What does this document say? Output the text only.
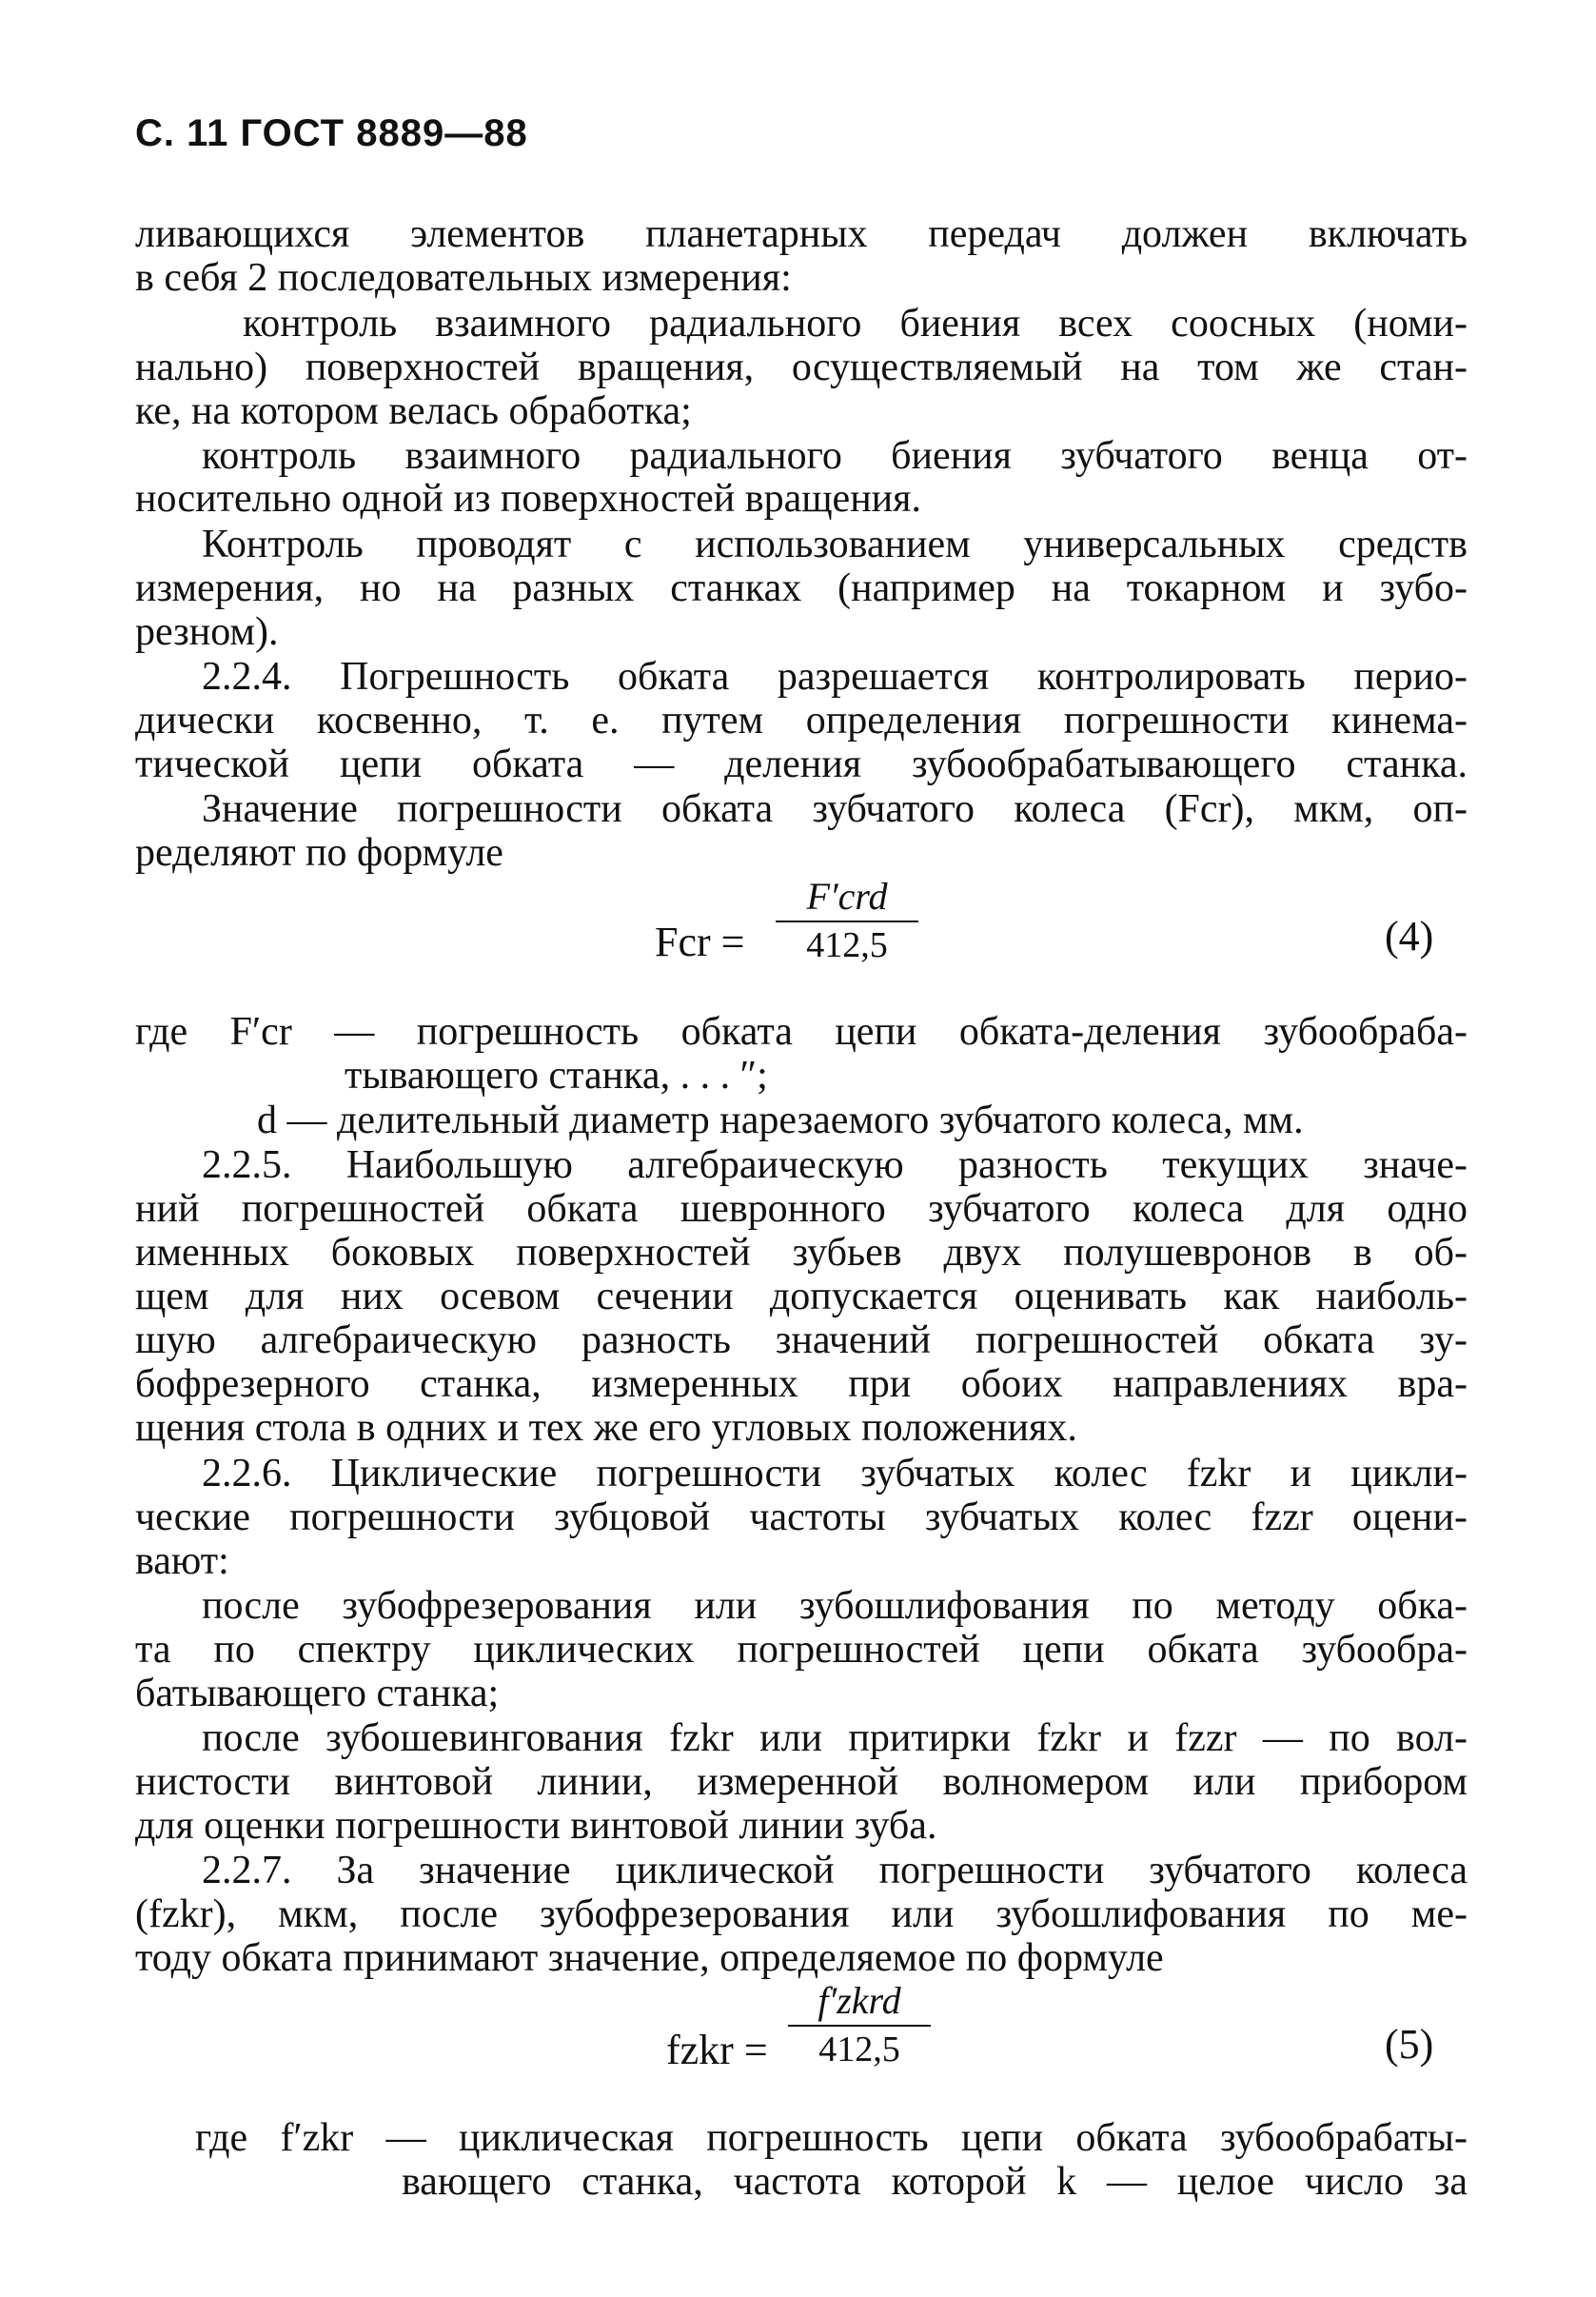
С. 11 ГОСТ 8889—88
ливающихся элементов планетарных передач должен включать
в себя 2 последовательных измерения:
контроль взаимного радиального биения всех соосных (номи-
нально) поверхностей вращения, осуществляемый на том же стан-
ке, на котором велась обработка;
контроль взаимного радиального биения зубчатого венца от-
носительно одной из поверхностей вращения.
Контроль проводят с использованием универсальных средств
измерения, но на разных станках (например на токарном и зубо-
резном).
2.2.4. Погрешность обката разрешается контролировать перио-
дически косвенно, т. е. путем определения погрешности кинема-
тической цепи обката — деления зубообрабатывающего станка.
Значение погрешности обката зубчатого колеса (Fcr), мкм, оп-
ределяют по формуле
Fcr =
F′crd
412,5	(4)
где F′cr — погрешность обката цепи обката-деления зубообраба-
тывающего станка, . . . ″;
d — делительный диаметр нарезаемого зубчатого колеса, мм.
2.2.5. Наибольшую алгебраическую разность текущих значе-
ний погрешностей обката шевронного зубчатого колеса для одно
именных боковых поверхностей зубьев двух полушевронов в об-
щем для них осевом сечении допускается оценивать как наиболь-
шую алгебраическую разность значений погрешностей обката зу-
бофрезерного станка, измеренных при обоих направлениях вра-
щения стола в одних и тех же его угловых положениях.
2.2.6. Циклические погрешности зубчатых колес fzkr и цикли-
ческие погрешности зубцовой частоты зубчатых колес fzzr оцени-
вают:
после зубофрезерования или зубошлифования по методу обка-
та по спектру циклических погрешностей цепи обката зубообра-
батывающего станка;
после зубошевингования fzkr или притирки fzkr и fzzr — по вол-
нистости винтовой линии, измеренной волномером или прибором
для оценки погрешности винтовой линии зуба.
2.2.7. За значение циклической погрешности зубчатого колеса
(fzkr), мкм, после зубофрезерования или зубошлифования по ме-
тоду обката принимают значение, определяемое по формуле
fzkr =
f′zkrd
412,5	(5)
где f′zkr — циклическая погрешность цепи обката зубообрабаты-
вающего станка, частота которой k — целое число за
